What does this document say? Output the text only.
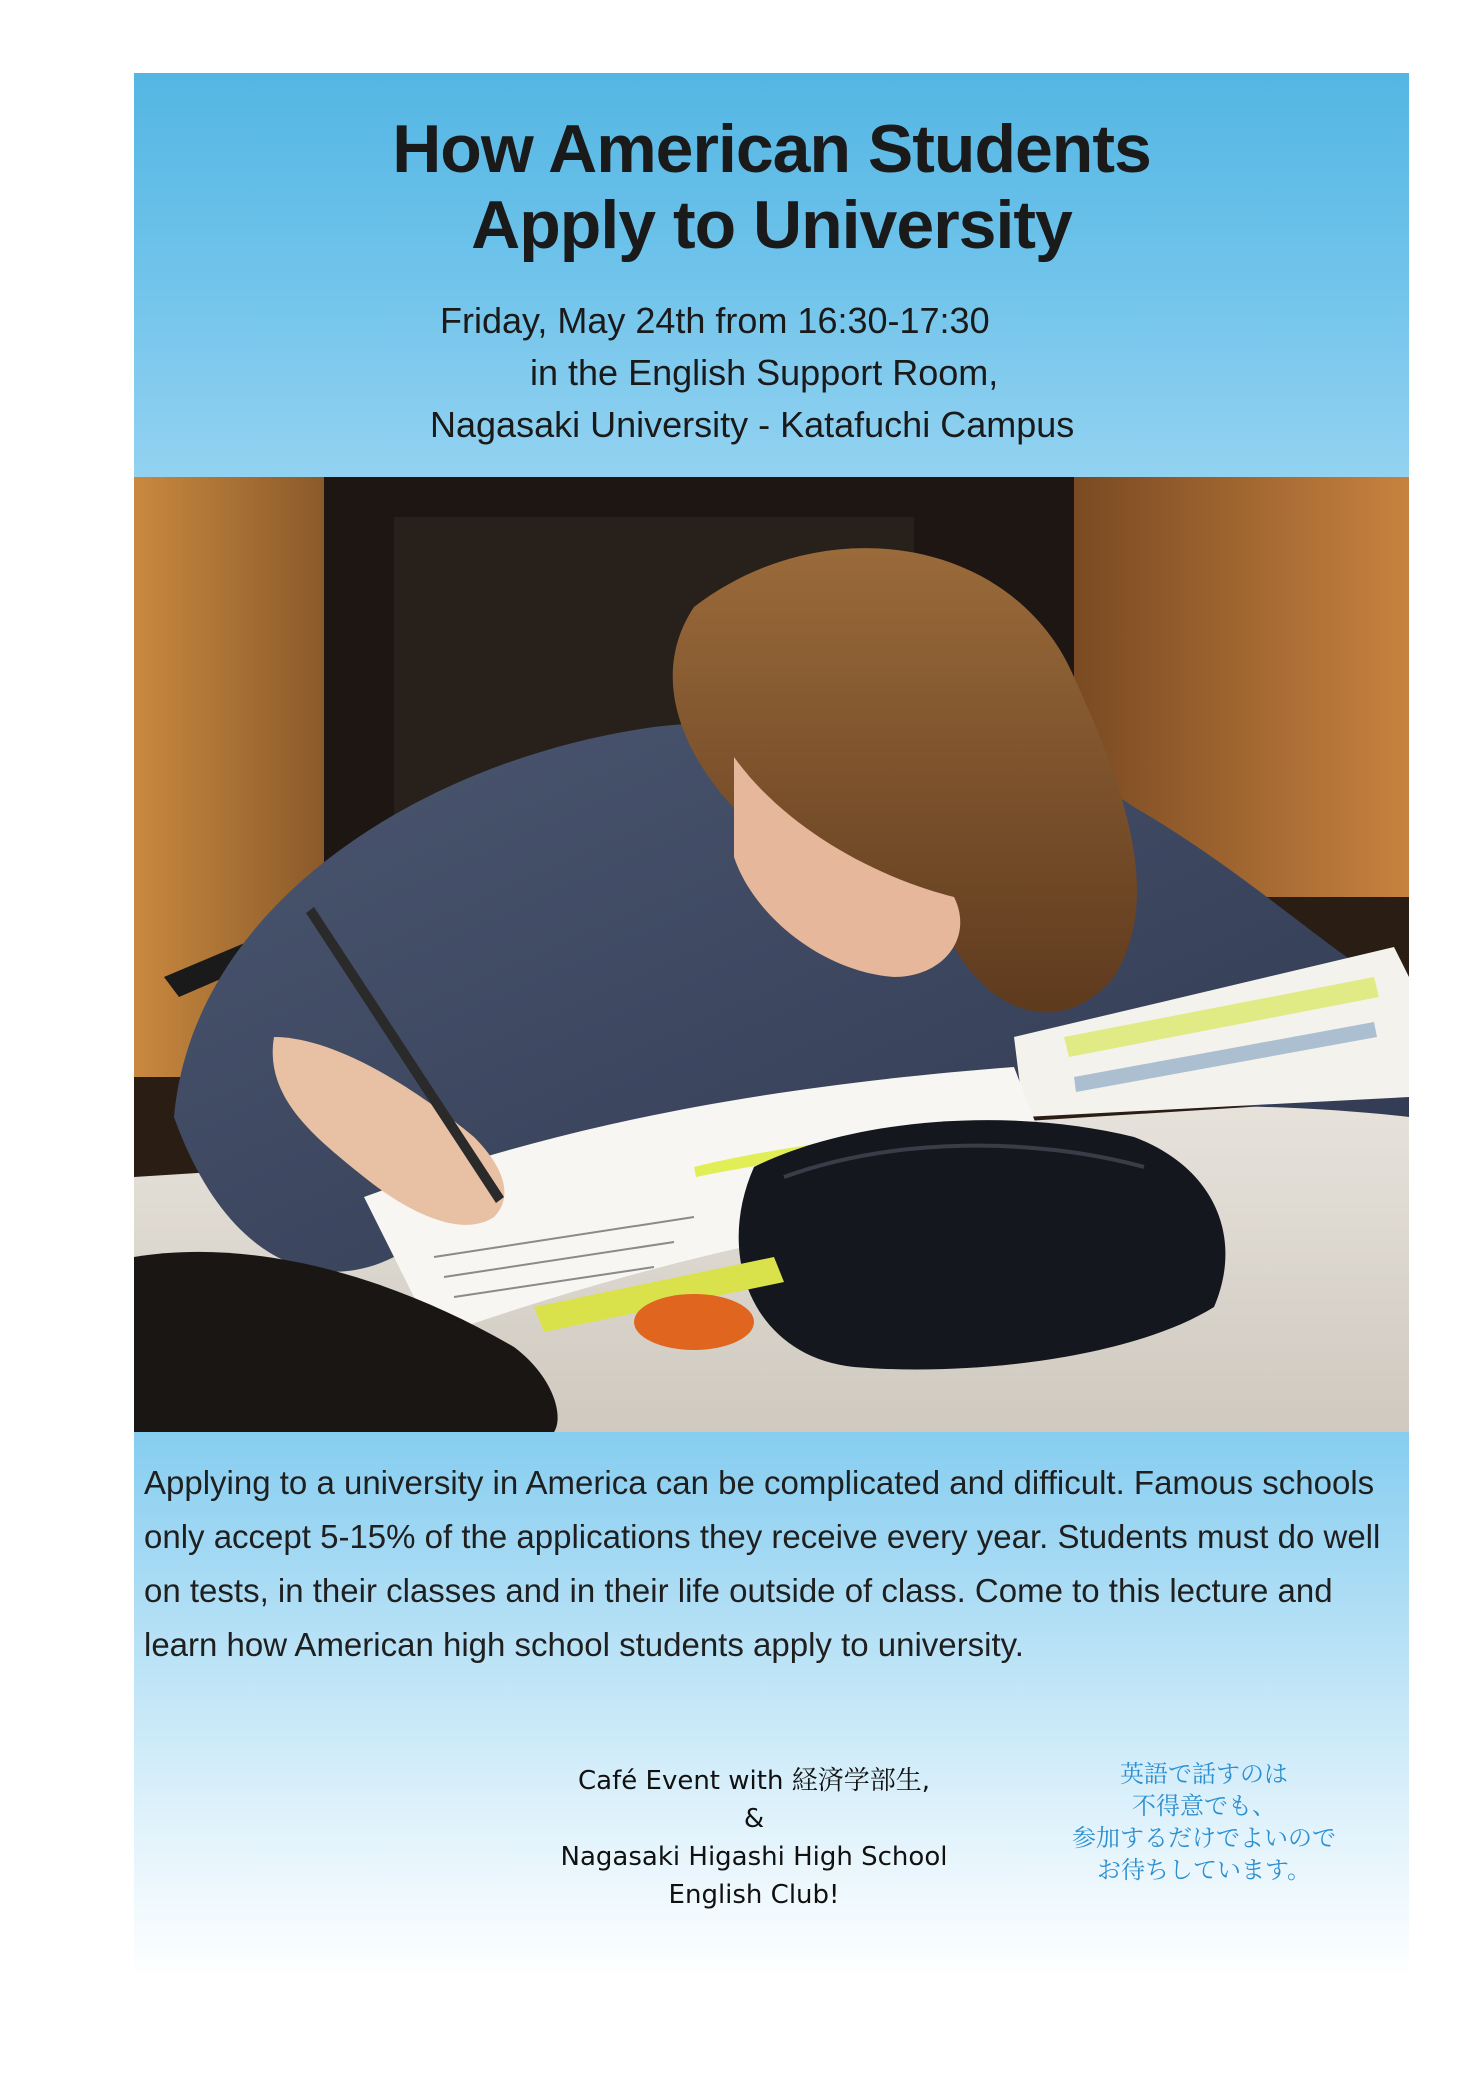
How American Students
Apply to University
Friday, May 24th from 16:30-17:30
in the English Support Room,
Nagasaki University - Katafuchi Campus

Applying to a university in America can be complicated and difficult. Famous schools only accept 5-15% of the applications they receive every year. Students must do well on tests, in their classes and in their life outside of class. Come to this lecture and learn how American high school students apply to university.

Café Event with 経済学部生,
&
Nagasaki Higashi High School
English Club!
英語で話すのは
不得意でも、
参加するだけでよいので
お待ちしています。
